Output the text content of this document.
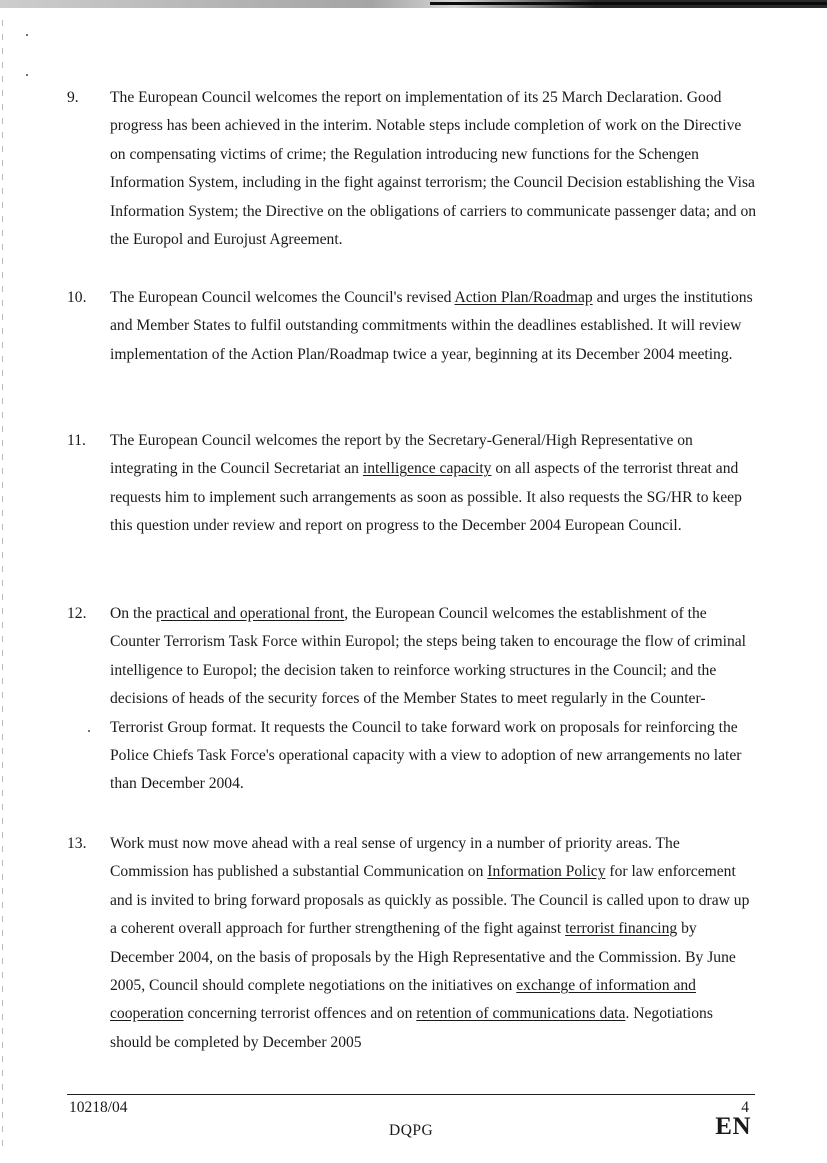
9.	The European Council welcomes the report on implementation of its 25 March Declaration. Good progress has been achieved in the interim. Notable steps include completion of work on the Directive on compensating victims of crime; the Regulation introducing new functions for the Schengen Information System, including in the fight against terrorism; the Council Decision establishing the Visa Information System; the Directive on the obligations of carriers to communicate passenger data; and on the Europol and Eurojust Agreement.
10.	The European Council welcomes the Council's revised Action Plan/Roadmap and urges the institutions and Member States to fulfil outstanding commitments within the deadlines established. It will review implementation of the Action Plan/Roadmap twice a year, beginning at its December 2004 meeting.
11.	The European Council welcomes the report by the Secretary-General/High Representative on integrating in the Council Secretariat an intelligence capacity on all aspects of the terrorist threat and requests him to implement such arrangements as soon as possible. It also requests the SG/HR to keep this question under review and report on progress to the December 2004 European Council.
12.	On the practical and operational front, the European Council welcomes the establishment of the Counter Terrorism Task Force within Europol; the steps being taken to encourage the flow of criminal intelligence to Europol; the decision taken to reinforce working structures in the Council; and the decisions of heads of the security forces of the Member States to meet regularly in the Counter-Terrorist Group format. It requests the Council to take forward work on proposals for reinforcing the Police Chiefs Task Force's operational capacity with a view to adoption of new arrangements no later than December 2004.
13.	Work must now move ahead with a real sense of urgency in a number of priority areas. The Commission has published a substantial Communication on Information Policy for law enforcement and is invited to bring forward proposals as quickly as possible. The Council is called upon to draw up a coherent overall approach for further strengthening of the fight against terrorist financing by December 2004, on the basis of proposals by the High Representative and the Commission. By June 2005, Council should complete negotiations on the initiatives on exchange of information and cooperation concerning terrorist offences and on retention of communications data. Negotiations should be completed by December 2005
10218/04	4
DQPG	EN
